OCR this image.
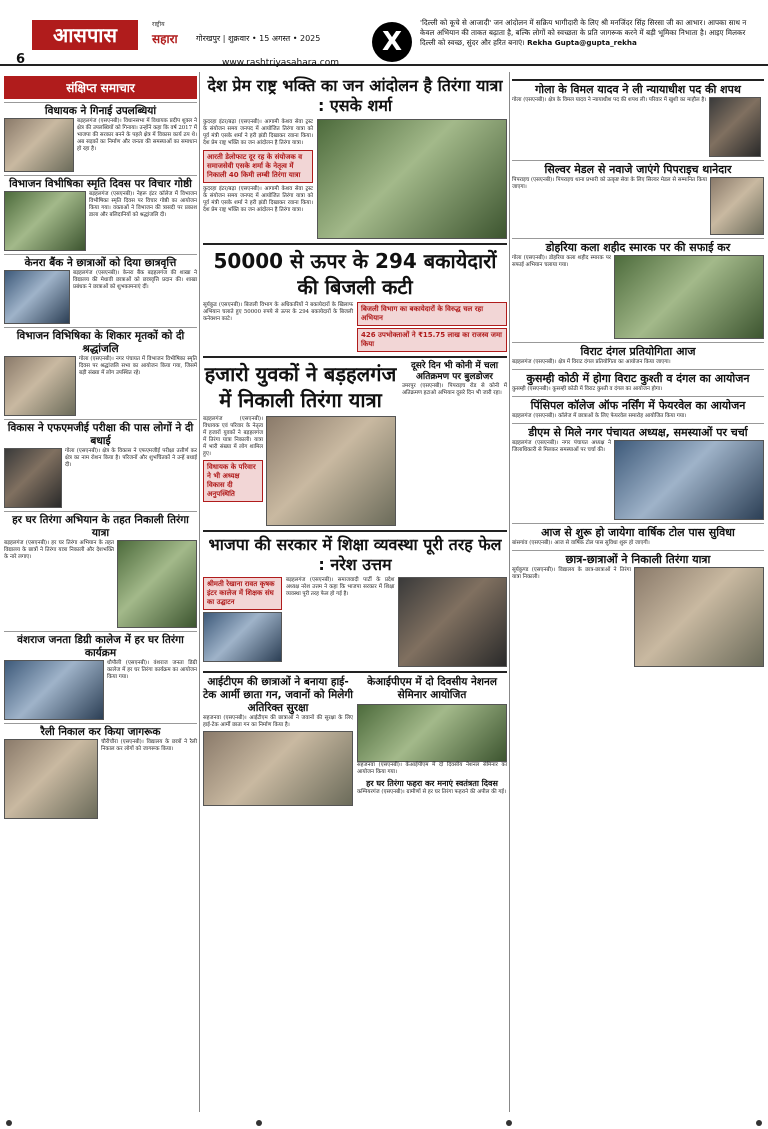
आसपास
6
राष्ट्रीय
सहारा गोरखपुर | शुक्रवार • 15 अगस्त • 2025
www.rashtriyasahara.com
X
'दिल्ली को कूचे से आजादी' जन आंदोलन में सक्रिय भागीदारी के लिए श्री मनजिंदर सिंह सिरसा जी का आभार। आपका साथ न केवल अभियान की ताकत बढ़ाता है, बल्कि लोगों को स्वच्छता के प्रति जागरूक करने में बड़ी भूमिका निभाता है। आइए मिलकर दिल्ली को स्वच्छ, सुंदर और हरित बनाएं। Rekha Gupta@gupta_rekha
संक्षिप्त समाचार
विधायक ने गिनाई उपलब्धियां

बड़हलगंज (एसएनबी)। विधानसभा में विधायक प्रदीप शुक्ल ने क्षेत्र की उपलब्धियों को गिनाया। उन्होंने कहा कि वर्ष 2017 में भाजपा की सरकार बनने के पहले क्षेत्र में विकास कार्य ठप थे। अब सड़कों का निर्माण और जनता की समस्याओं का समाधान हो रहा है।

विभाजन विभीषिका स्मृति दिवस पर विचार गोष्ठी

बड़हलगंज (एसएनबी)। नेहरू इंटर कॉलेज में विभाजन विभीषिका स्मृति दिवस पर विचार गोष्ठी का आयोजन किया गया। वक्ताओं ने विभाजन की त्रासदी पर प्रकाश डाला और बलिदानियों को श्रद्धांजलि दी।

केनरा बैंक ने छात्राओं को दिया छात्रवृत्ति

बड़हलगंज (एसएनबी)। केनरा बैंक बड़हलगंज की शाखा ने विद्यालय की मेधावी छात्राओं को छात्रवृत्ति प्रदान की। शाखा प्रबंधक ने छात्राओं को शुभकामनाएं दीं।

विभाजन विभिषिका के शिकार मृतकों को दी श्रद्धांजलि

गोला (एसएनबी)। नगर पंचायत में विभाजन विभीषिका स्मृति दिवस पर श्रद्धांजलि सभा का आयोजन किया गया, जिसमें बड़ी संख्या में लोग उपस्थित रहे।

विकास ने एफएमजीई परीक्षा की पास लोगों ने दी बधाई

गोला (एसएनबी)। क्षेत्र के विकास ने एफएमजीई परीक्षा उत्तीर्ण कर क्षेत्र का नाम रोशन किया है। परिजनों और शुभचिंतकों ने उन्हें बधाई दी।

हर घर तिरंगा अभियान के तहत निकाली तिरंगा यात्रा

बड़हलगंज (एसएनबी)। हर घर तिरंगा अभियान के तहत विद्यालय के छात्रों ने तिरंगा यात्रा निकाली और देशभक्ति के नारे लगाए।

वंशराज जनता डिग्री कालेज में हर घर तिरंगा कार्यक्रम

धौपौली (एसएनबी)। वंशराज जनता डिग्री कालेज में हर घर तिरंगा कार्यक्रम का आयोजन किया गया।

रैली निकाल कर किया जागरूक

चौरीचौरा (एसएनबी)। विद्यालय के छात्रों ने रैली निकाल कर लोगों को जागरूक किया।

देश प्रेम राष्ट्र भक्ति का जन आंदोलन है तिरंगा यात्रा : एसके शर्मा

कुदरहा इंटर/बढ़ा (एसएनबी)। आगामी केशव सेवा ट्रस्ट के संयोजन समय जनपद में आयोजित तिरंगा यात्रा को पूर्व मंत्री एसके शर्मा ने हरी झंडी दिखाकर रवाना किया। देश प्रेम राष्ट्र भक्ति का जन आंदोलन है तिरंगा यात्रा।

आरती डेलोफाट दूर रह के संयोजक व समाजसेवी एसके शर्मा के नेतृत्व में निकाली 40 किमी लम्बी तिरंगा यात्रा

कुदरहा इंटर/बढ़ा (एसएनबी)। आगामी केशव सेवा ट्रस्ट के संयोजन समय जनपद में आयोजित तिरंगा यात्रा को पूर्व मंत्री एसके शर्मा ने हरी झंडी दिखाकर रवाना किया। देश प्रेम राष्ट्र भक्ति का जन आंदोलन है तिरंगा यात्रा।

50000 से ऊपर के 294 बकायेदारों की बिजली कटी

सूर्यकुड (एसएनबी)। बिजली विभाग के अधिकारियों ने बकायेदारों के खिलाफ अभियान चलाते हुए 50000 रुपये से ऊपर के 294 बकायेदारों के बिजली कनेक्शन काटे।

बिजली विभाग का बकायेदारों के विरुद्ध चल रहा अभियान
426 उपभोक्ताओं ने ₹15.75 लाख का राजस्व जमा किया
हजारो युवकों ने बड़हलगंज में निकाली तिरंगा यात्रा

बड़हलगंज (एसएनबी)। विधायक एवं परिवार के नेतृत्व में हजारों युवकों ने बड़हलगंज में तिरंगा यात्रा निकाली। यात्रा में भारी संख्या में लोग शामिल हुए।

विधायक के परिवार ने भी अध्यक्ष विकास दी अनुपस्थिति
दूसरे दिन भी कोनी में चला अतिक्रमण पर बुलडोजर

उमरपुर (एसएनबी)। पिपराइच रोड से कोनी में अतिक्रमण हटाओ अभियान दूसरे दिन भी जारी रहा।

भाजपा की सरकार में शिक्षा व्यवस्था पूरी तरह फेल : नरेश उत्तम
श्रीमती रेखाना रावत कृषक इंटर कालेज में शिक्षक संघ का उद्घाटन

बड़हलगंज (एसएनबी)। समाजवादी पार्टी के प्रदेश अध्यक्ष नरेश उत्तम ने कहा कि भाजपा सरकार में शिक्षा व्यवस्था पूरी तरह फेल हो गई है।

आईटीएम की छात्राओं ने बनाया हाई-टेक आर्मी छाता गन, जवानों को मिलेगी अतिरिक्त सुरक्षा

सहजनवा (एसएनबी)। आईटीएम की छात्राओं ने जवानों की सुरक्षा के लिए हाई-टेक आर्मी छाता गन का निर्माण किया है।

केआईपीएम में दो दिवसीय नेशनल सेमिनार आयोजित

सहजनवा (एसएनबी)। केआईपीएम में दो दिवसीय नेशनल सेमिनार का आयोजन किया गया।

हर घर तिरंगा फहरा कर मनाएं स्वतंत्रता दिवस

कम्पियरगंज (एसएनबी)। ग्रामीणों से हर घर तिरंगा फहराने की अपील की गई।

गोला के विमल यादव ने ली न्यायाधीश पद की शपथ

गोला (एसएनबी)। क्षेत्र के विमल यादव ने न्यायाधीश पद की शपथ ली। परिवार में खुशी का माहौल है।

सिल्वर मेडल से नवाजे जाएंगे पिपराइच थानेदार

पिपराइच (एसएनबी)। पिपराइच थाना प्रभारी को उत्कृष्ट सेवा के लिए सिल्वर मेडल से सम्मानित किया जाएगा।

डोहरिया कला शहीद स्मारक पर की सफाई कर

गोला (एसएनबी)। डोहरिया कला शहीद स्मारक पर सफाई अभियान चलाया गया।

विराट दंगल प्रतियोगिता आज

बड़हलगंज (एसएनबी)। क्षेत्र में विराट दंगल प्रतियोगिता का आयोजन किया जाएगा।

कुसम्ही कोठी में होगा विराट कुश्ती व दंगल का आयोजन

कुसम्ही (एसएनबी)। कुसम्ही कोठी में विराट कुश्ती व दंगल का आयोजन होगा।

पिंसिपल कॉलेज ऑफ नर्सिंग में फेयरवेल का आयोजन

बड़हलगंज (एसएनबी)। कॉलेज में छात्राओं के लिए फेयरवेल समारोह आयोजित किया गया।

डीएम से मिले नगर पंचायत अध्यक्ष, समस्याओं पर चर्चा

बड़हलगंज (एसएनबी)। नगर पंचायत अध्यक्ष ने जिलाधिकारी से मिलकर समस्याओं पर चर्चा की।

आज से शुरू हो जायेगा वार्षिक टोल पास सुविधा

बांसगांव (एसएनबी)। आज से वार्षिक टोल पास सुविधा शुरू हो जाएगी।

छात्र-छात्राओं ने निकाली तिरंगा यात्रा

सूर्यकुण्ड (एसएनबी)। विद्यालय के छात्र-छात्राओं ने तिरंगा यात्रा निकाली।
